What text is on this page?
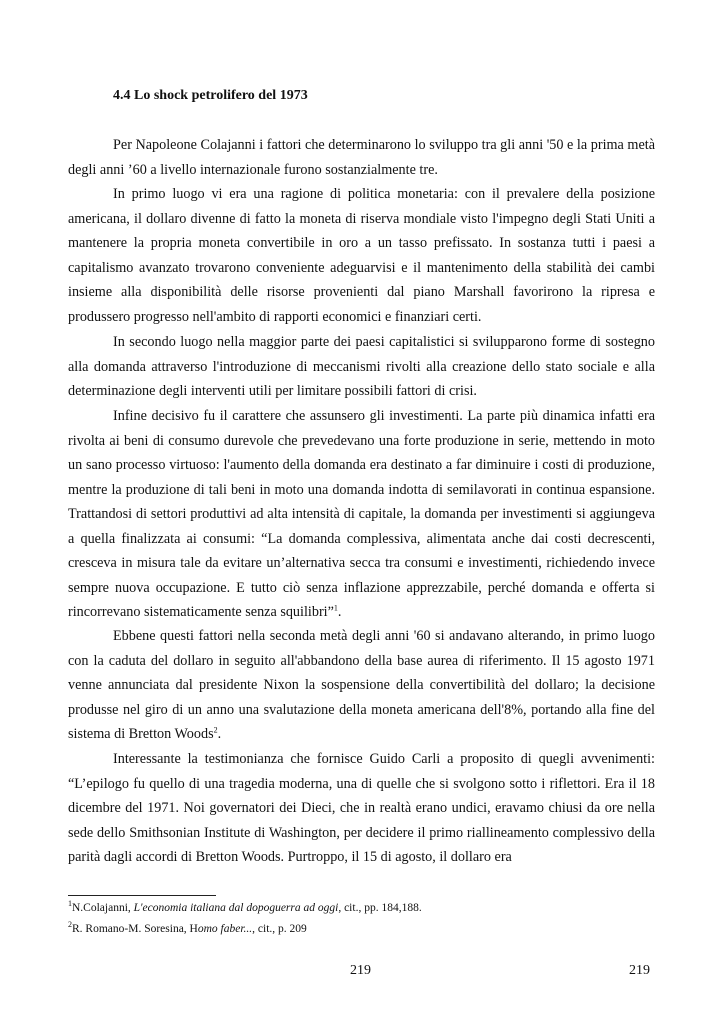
4.4 Lo shock petrolifero del 1973

Per Napoleone Colajanni i fattori che determinarono lo sviluppo tra gli anni '50 e la prima metà degli anni ’60 a livello internazionale furono sostanzialmente tre.

In primo luogo vi era una ragione di politica monetaria: con il prevalere della posizione americana, il dollaro divenne di fatto la moneta di riserva mondiale visto l'impegno degli Stati Uniti a mantenere la propria moneta convertibile in oro a un tasso prefissato. In sostanza tutti i paesi a capitalismo avanzato trovarono conveniente adeguarvisi e il mantenimento della stabilità dei cambi insieme alla disponibilità delle risorse provenienti dal piano Marshall favorirono la ripresa e produssero progresso nell'ambito di rapporti economici e finanziari certi.

In secondo luogo nella maggior parte dei paesi capitalistici si svilupparono forme di sostegno alla domanda attraverso l'introduzione di meccanismi rivolti alla creazione dello stato sociale e alla determinazione degli interventi utili per limitare possibili fattori di crisi.

Infine decisivo fu il carattere che assunsero gli investimenti. La parte più dinamica infatti era rivolta ai beni di consumo durevole che prevedevano una forte produzione in serie, mettendo in moto un sano processo virtuoso: l'aumento della domanda era destinato a far diminuire i costi di produzione, mentre la produzione di tali beni in moto una domanda indotta di semilavorati in continua espansione. Trattandosi di settori produttivi ad alta intensità di capitale, la domanda per investimenti si aggiungeva a quella finalizzata ai consumi: “La domanda complessiva, alimentata anche dai costi decrescenti, cresceva in misura tale da evitare un’alternativa secca tra consumi e investimenti, richiedendo invece sempre nuova occupazione. E tutto ciò senza inflazione apprezzabile, perché domanda e offerta si rincorrevano sistematicamente senza squilibri”$^1$.

Ebbene questi fattori nella seconda metà degli anni '60 si andavano alterando, in primo luogo con la caduta del dollaro in seguito all'abbandono della base aurea di riferimento. Il 15 agosto 1971 venne annunciata dal presidente Nixon la sospensione della convertibilità del dollaro; la decisione produsse nel giro di un anno una svalutazione della moneta americana dell'8%, portando alla fine del sistema di Bretton Woods$^2$.

Interessante la testimonianza che fornisce Guido Carli a proposito di quegli avvenimenti: “L’epilogo fu quello di una tragedia moderna, una di quelle che si svolgono sotto i riflettori. Era il 18 dicembre del 1971. Noi governatori dei Dieci, che in realtà erano undici, eravamo chiusi da ore nella sede dello Smithsonian Institute di Washington, per decidere il primo riallineamento complessivo della parità dagli accordi di Bretton Woods. Purtroppo, il 15 di agosto, il dollaro era

$^1$N.Colajanni, L'economia italiana dal dopoguerra ad oggi, cit., pp. 184,188.
$^2$R. Romano-M. Soresina, Homo faber..., cit., p. 209
219	219
